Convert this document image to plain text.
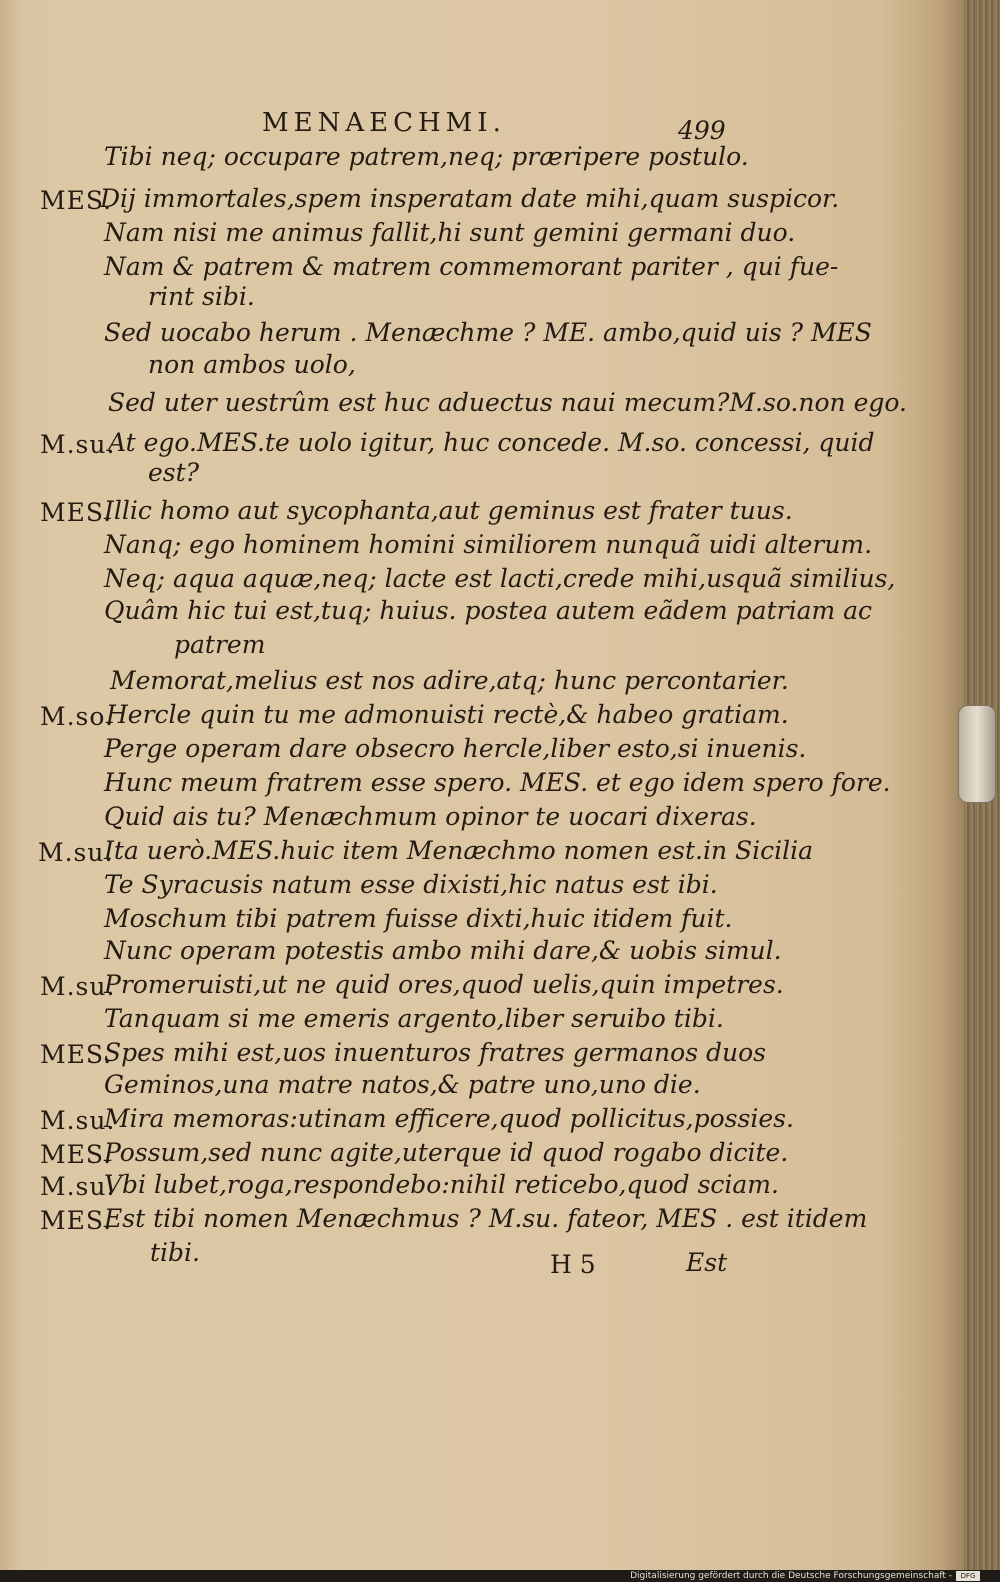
MENAECHMI.	499
Tibi neq; occupare patrem,neq; præripere postulo.
MES.
Dij immortales,spem insperatam date mihi,quam suspicor.
Nam nisi me animus fallit,hi sunt gemini germani duo.
Nam & patrem & matrem commemorant pariter , qui fue-
rint sibi.
Sed uocabo herum . Menæchme ? ME. ambo,quid uis ? MES
non ambos uolo,
Sed uter uestrûm est huc aduectus naui mecum?M.so.non ego.
M.su.
At ego.MES.te uolo igitur, huc concede. M.so. concessi, quid
est?
MES.
Illic homo aut sycophanta,aut geminus est frater tuus.
Nanq; ego hominem homini similiorem nunquã uidi alterum.
Neq; aqua aquæ,neq; lacte est lacti,crede mihi,usquã similius,
Quâm hic tui est,tuq; huius. postea autem eãdem patriam ac
patrem
Memorat,melius est nos adire,atq; hunc percontarier.
M.so.
Hercle quin tu me admonuisti rectè,& habeo gratiam.
Perge operam dare obsecro hercle,liber esto,si inuenis.
Hunc meum fratrem esse spero. MES. et ego idem spero fore.
Quid ais tu? Menæchmum opinor te uocari dixeras.
M.su.
Ita uerò.MES.huic item Menæchmo nomen est.in Sicilia
Te Syracusis natum esse dixisti,hic natus est ibi.
Moschum tibi patrem fuisse dixti,huic itidem fuit.
Nunc operam potestis ambo mihi dare,& uobis simul.
M.su.
Promeruisti,ut ne quid ores,quod uelis,quin impetres.
Tanquam si me emeris argento,liber seruibo tibi.
MES.
Spes mihi est,uos inuenturos fratres germanos duos
Geminos,una matre natos,& patre uno,uno die.
M.su.
Mira memoras:utinam efficere,quod pollicitus,possies.
MES.
Possum,sed nunc agite,uterque id quod rogabo dicite.
M.su.
Vbi lubet,roga,respondebo:nihil reticebo,quod sciam.
MES.
Est tibi nomen Menæchmus ? M.su. fateor, MES . est itidem
tibi.	H 5	Est
Digitalisierung gefördert durch die Deutsche Forschungsgemeinschaft -	DFG
